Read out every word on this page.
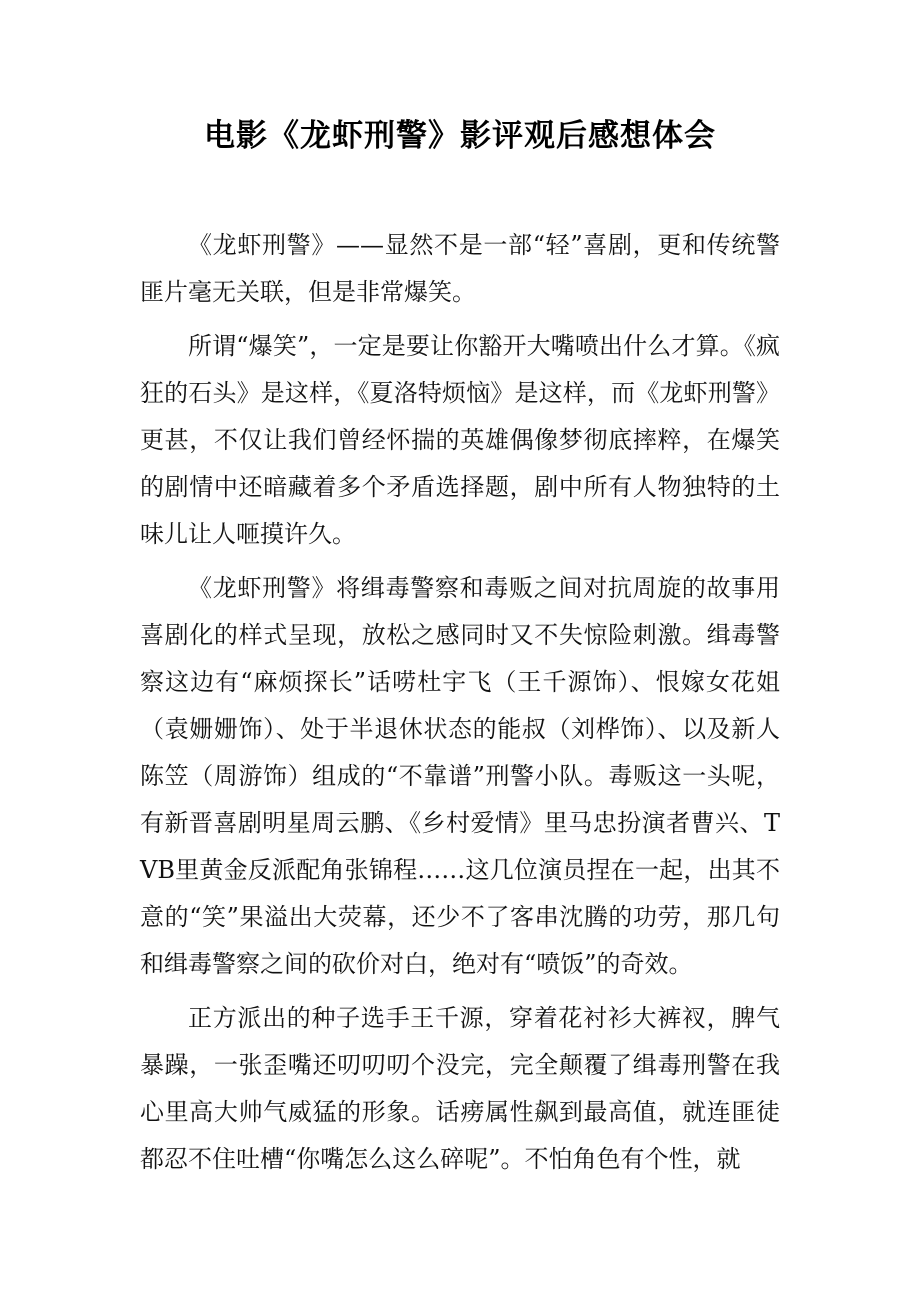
电影《龙虾刑警》影评观后感想体会

《龙虾刑警》——显然不是一部“轻”喜剧，更和传统警匪片毫无关联，但是非常爆笑。

所谓“爆笑”，一定是要让你豁开大嘴喷出什么才算。《疯狂的石头》是这样，《夏洛特烦恼》是这样，而《龙虾刑警》更甚，不仅让我们曾经怀揣的英雄偶像梦彻底摔粹，在爆笑的剧情中还暗藏着多个矛盾选择题，剧中所有人物独特的土味儿让人咂摸许久。

《龙虾刑警》将缉毒警察和毒贩之间对抗周旋的故事用喜剧化的样式呈现，放松之感同时又不失惊险刺激。缉毒警察这边有“麻烦探长”话唠杜宇飞（王千源饰）、恨嫁女花姐（袁姗姗饰）、处于半退休状态的能叔（刘桦饰）、以及新人陈笠（周游饰）组成的“不靠谱”刑警小队。毒贩这一头呢，有新晋喜剧明星周云鹏、《乡村爱情》里马忠扮演者曹兴、TVB里黄金反派配角张锦程……这几位演员捏在一起，出其不意的“笑”果溢出大荧幕，还少不了客串沈腾的功劳，那几句和缉毒警察之间的砍价对白，绝对有“喷饭”的奇效。

正方派出的种子选手王千源，穿着花衬衫大裤衩，脾气暴躁，一张歪嘴还叨叨叨个没完，完全颠覆了缉毒刑警在我心里高大帅气威猛的形象。话痨属性飙到最高值，就连匪徒都忍不住吐槽“你嘴怎么这么碎呢”。不怕角色有个性，就
